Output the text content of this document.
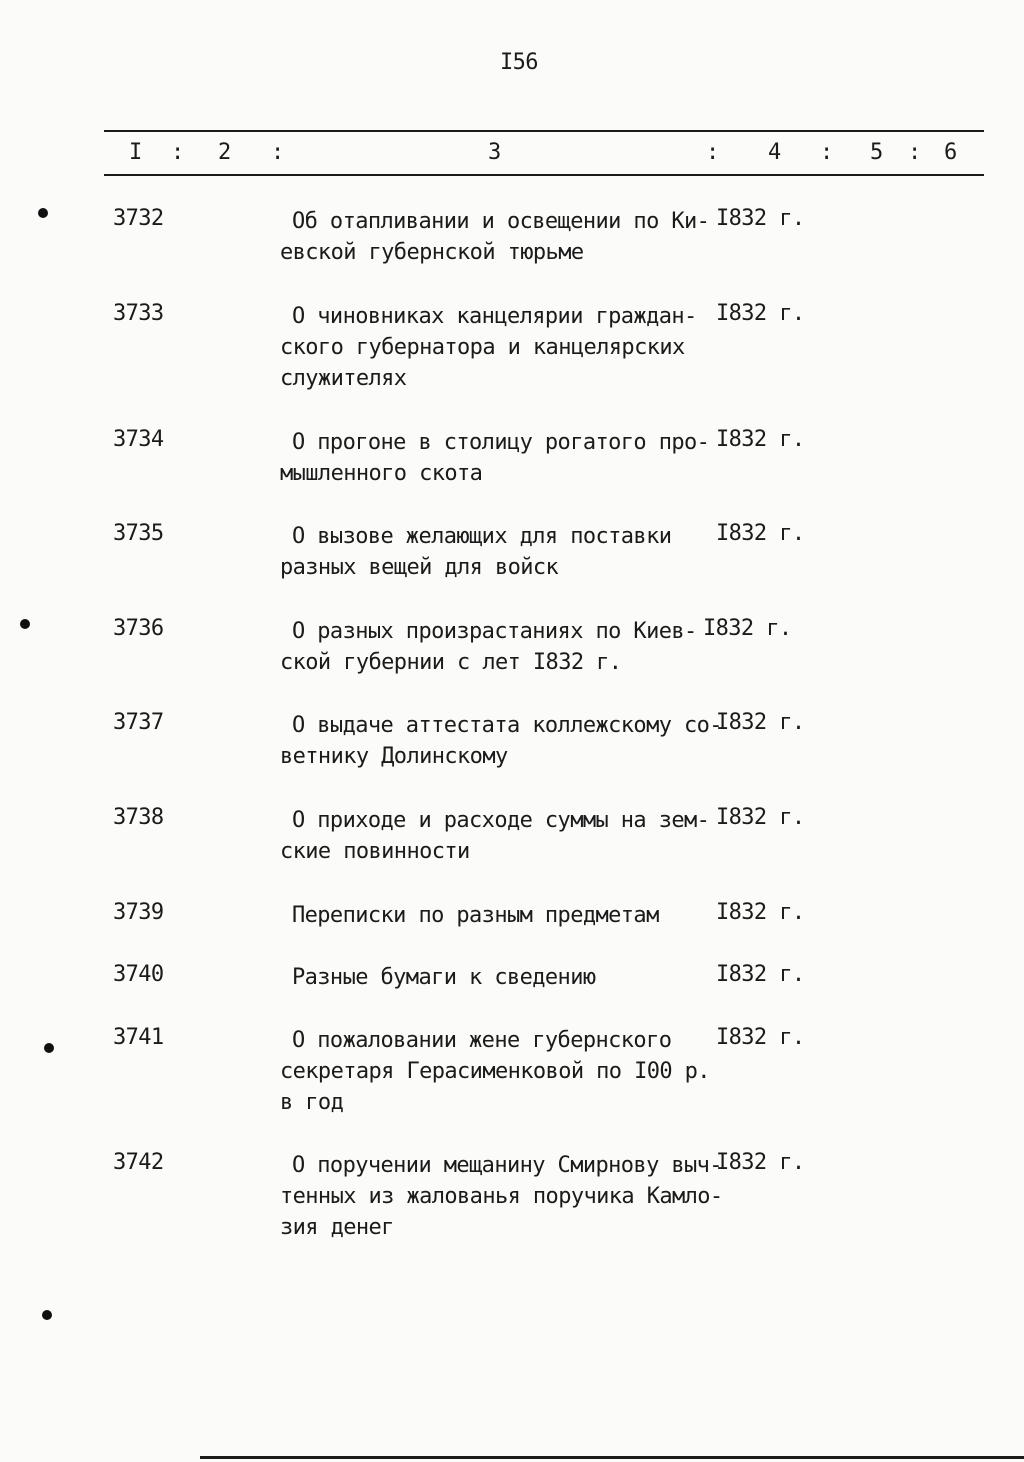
I56
I : 2 :	3	: 4 : 5 : 6
3732	Об отапливании и освещении по Ки-
евской губернской тюрьме
I832 г.
3733	О чиновниках канцелярии граждан-
ского губернатора и канцелярских
служителях
I832 г.
3734	О прогоне в столицу рогатого про-
мышленного скота
I832 г.
3735	О вызове желающих для поставки
разных вещей для войск
I832 г.
3736	О разных произрастаниях по Киев-
ской губернии с лет I832 г.
I832 г.
3737	О выдаче аттестата коллежскому со-
ветнику Долинскому
I832 г.
3738	О приходе и расходе суммы на зем-
ские повинности
I832 г.
3739	Переписки по разным предметам	I832 г.
3740	Разные бумаги к сведению	I832 г.
3741	О пожаловании жене губернского
секретаря Герасименковой по I00 р.
в год
I832 г.
3742	О поручении мещанину Смирнову выч-
тенных из жалованья поручика Камло-
зия денег
I832 г.
